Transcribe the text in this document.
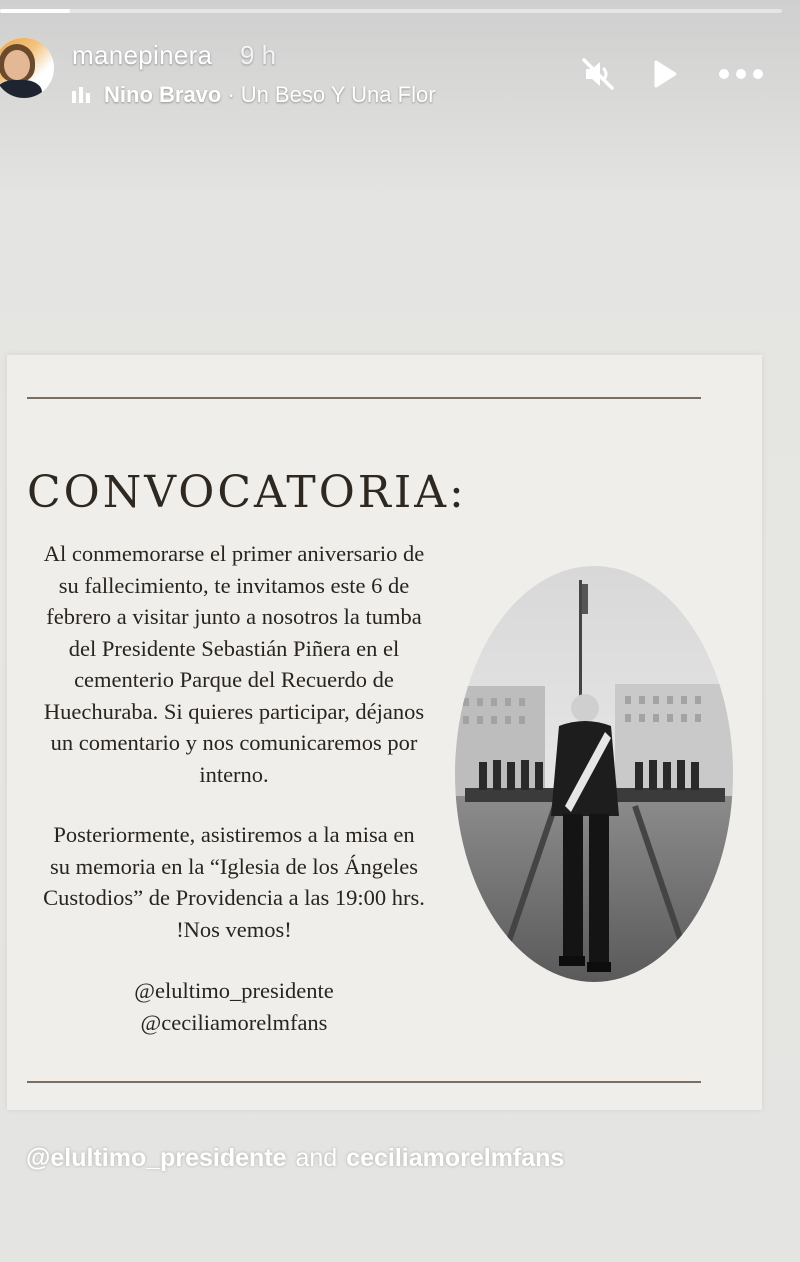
manepinera 9 h
Nino Bravo · Un Beso Y Una Flor
CONVOCATORIA:
Al conmemorarse el primer aniversario de
su fallecimiento, te invitamos este 6 de
febrero a visitar junto a nosotros la tumba
del Presidente Sebastián Piñera en el
cementerio Parque del Recuerdo de
Huechuraba. Si quieres participar, déjanos
un comentario y nos comunicaremos por
interno.
Posteriormente, asistiremos a la misa en
su memoria en la “Iglesia de los Ángeles
Custodios” de Providencia a las 19:00 hrs.
!Nos vemos!
@elultimo_presidente
@ceciliamorelmfans
@elultimo_presidente and ceciliamorelmfans
